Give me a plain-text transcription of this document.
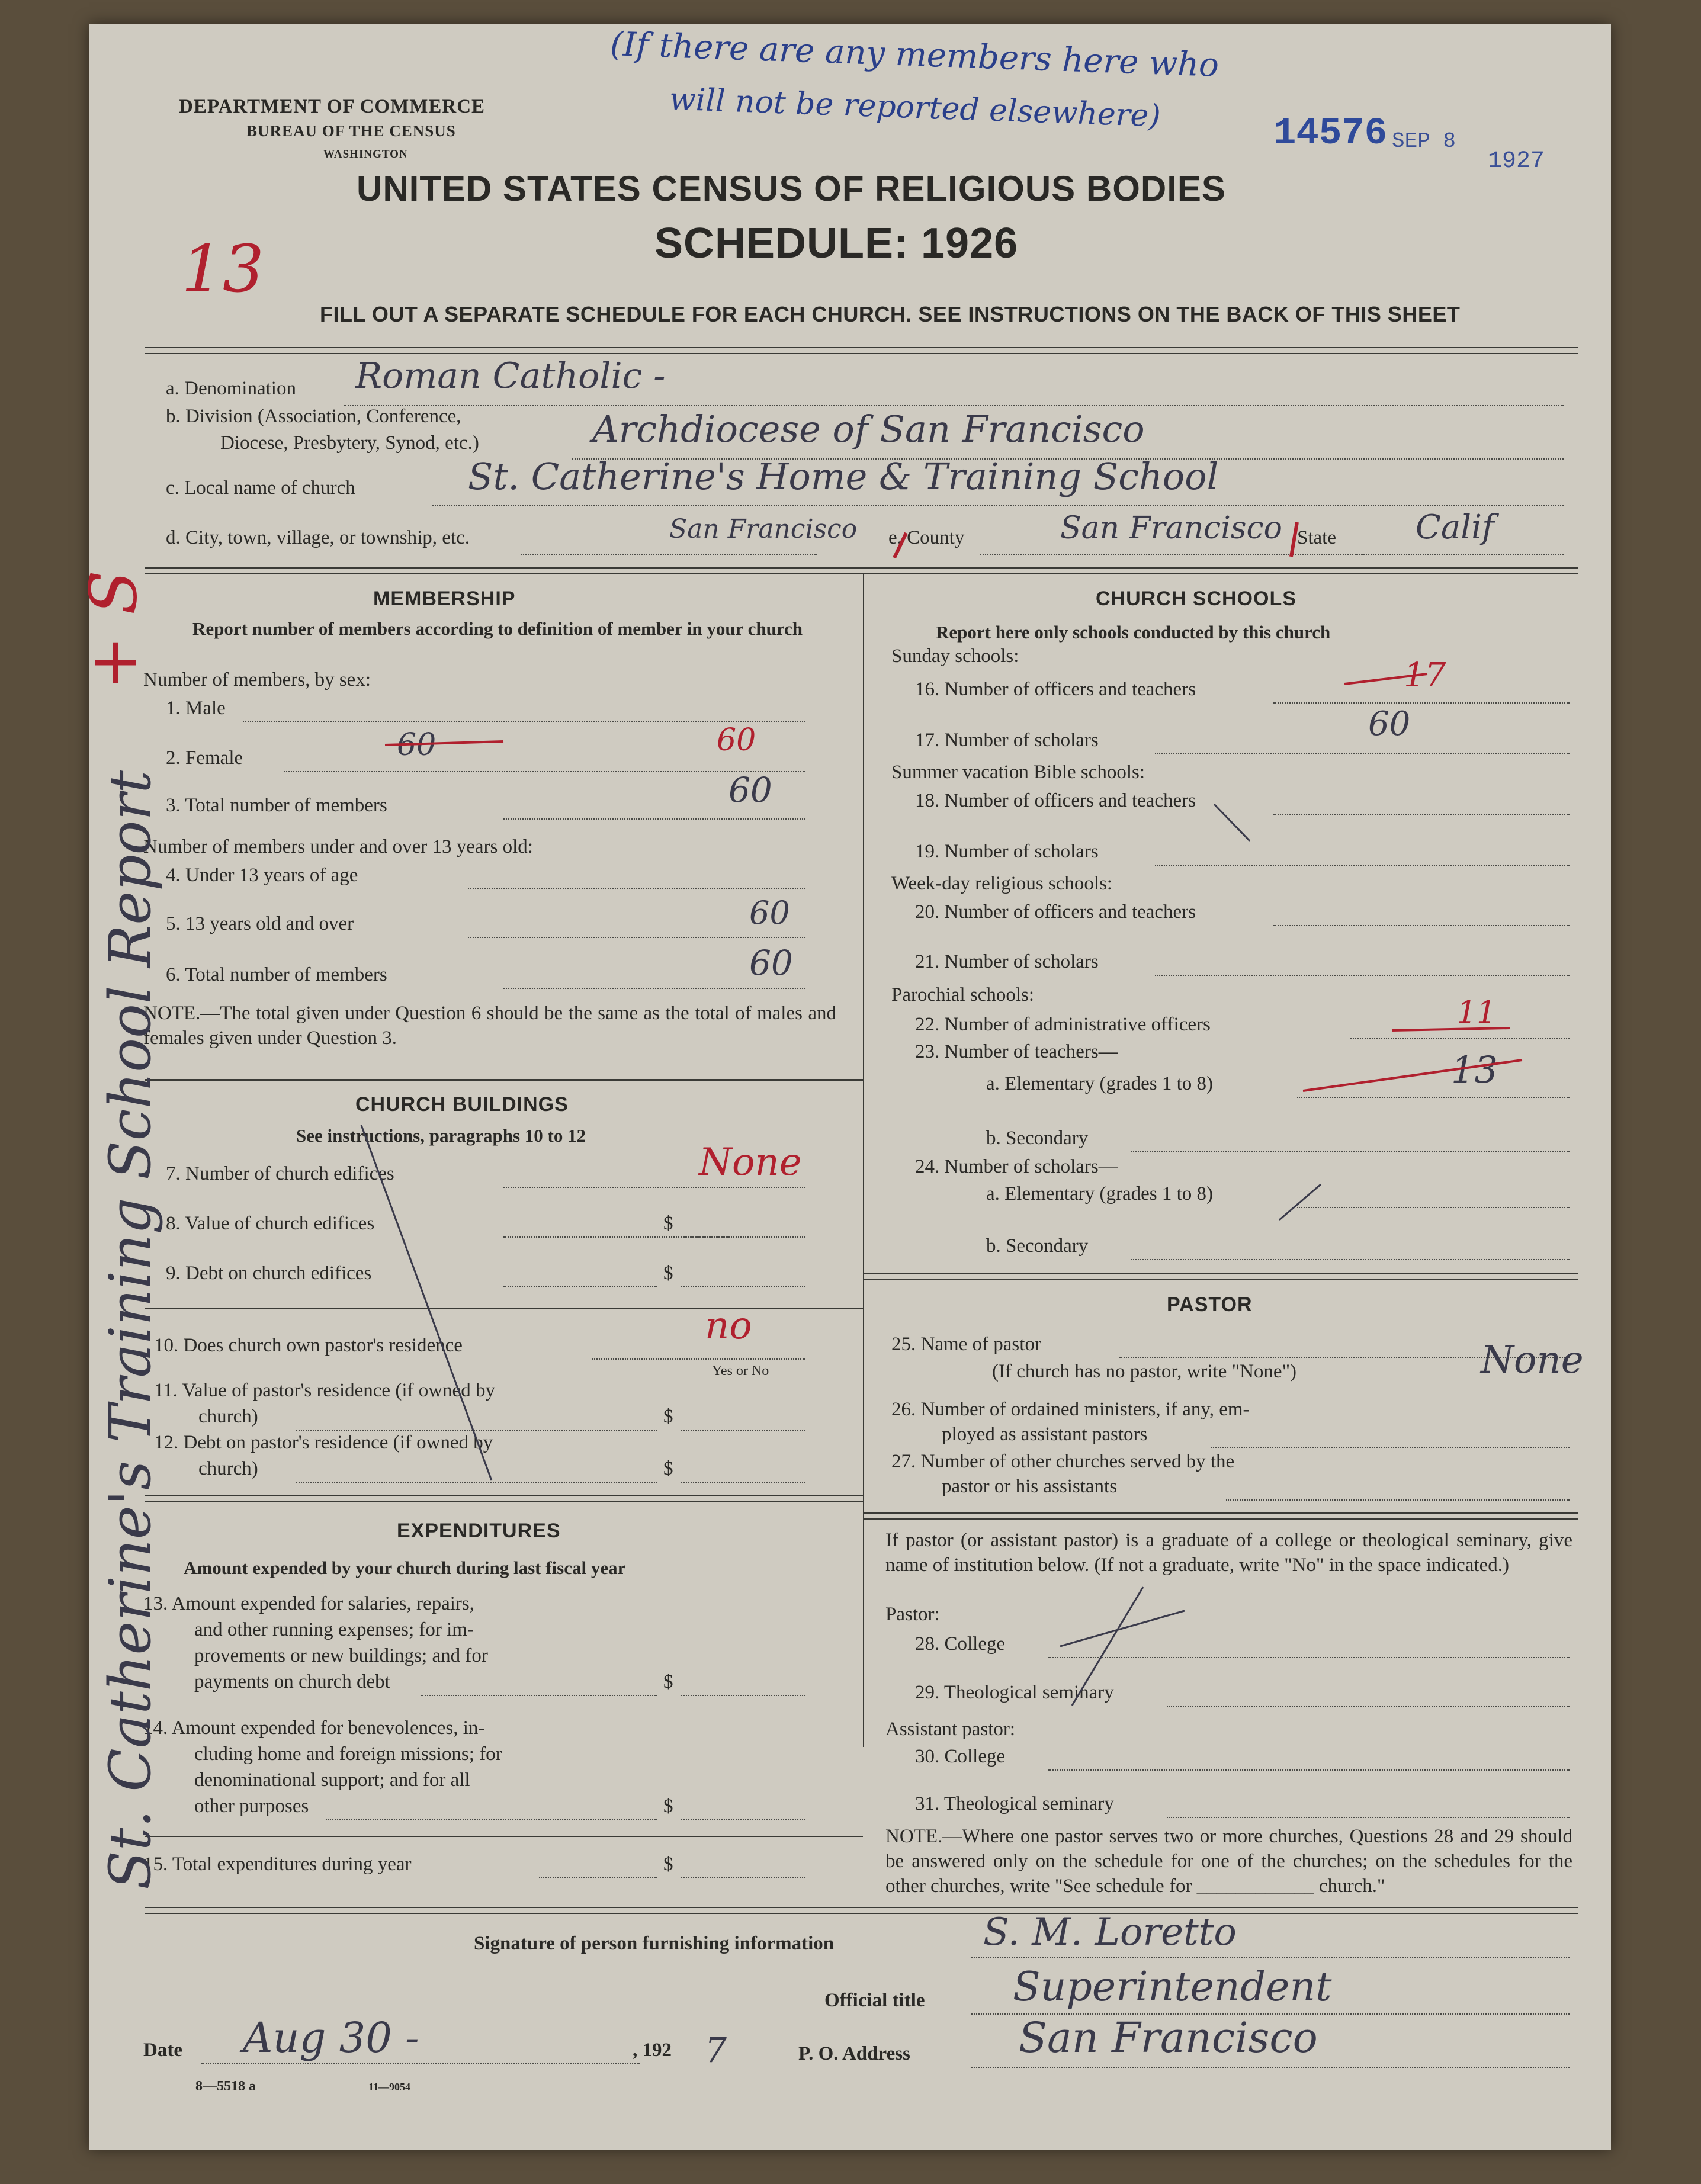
DEPARTMENT OF COMMERCE
BUREAU OF THE CENSUS
WASHINGTON
(If there are any members here who
will not be reported elsewhere)	14576 SEP 8
1927
UNITED STATES CENSUS OF RELIGIOUS BODIES
SCHEDULE: 1926
13
FILL OUT A SEPARATE SCHEDULE FOR EACH CHURCH. SEE INSTRUCTIONS ON THE BACK OF THIS SHEET
a. Denomination Roman Catholic -
b. Division (Association, Conference,
Diocese, Presbytery, Synod, etc.)	Archdiocese of San Francisco
c. Local name of church	St. Catherine's Home & Training School
d. City, town, village, or township, etc.	San Francisco e. County	San Francisco State Calif
MEMBERSHIP
Report number of members according to definition of member in your church
Number of members, by sex:
1. Male
2. Female	60	60
3. Total number of members	60
Number of members under and over 13 years old:
4. Under 13 years of age
5. 13 years old and over	60
6. Total number of members	60
NOTE.—The total given under Question 6 should be the same as the total of males and females given under Question 3.
CHURCH BUILDINGS
See instructions, paragraphs 10 to 12
7. Number of church edifices	None
8. Value of church edifices	$
9. Debt on church edifices	$
10. Does church own pastor's residence	no
Yes or No
11. Value of pastor's residence (if owned by
church)	$
12. Debt on pastor's residence (if owned by
church)	$
EXPENDITURES
Amount expended by your church during last fiscal year
13. Amount expended for salaries, repairs,
and other running expenses; for im-
provements or new buildings; and for
payments on church debt	$
14. Amount expended for benevolences, in-
cluding home and foreign missions; for
denominational support; and for all
other purposes	$
15. Total expenditures during year	$
CHURCH SCHOOLS
Report here only schools conducted by this church
Sunday schools:
16. Number of officers and teachers	17
17. Number of scholars	60
Summer vacation Bible schools:
18. Number of officers and teachers
19. Number of scholars
Week-day religious schools:
20. Number of officers and teachers
21. Number of scholars
Parochial schools:
22. Number of administrative officers	11
23. Number of teachers—
a. Elementary (grades 1 to 8)	13
b. Secondary
24. Number of scholars—
a. Elementary (grades 1 to 8)
b. Secondary
PASTOR
25. Name of pastor
(If church has no pastor, write "None")	None
26. Number of ordained ministers, if any, em-
ployed as assistant pastors
27. Number of other churches served by the
pastor or his assistants
If pastor (or assistant pastor) is a graduate of a college or theological seminary, give name of institution below. (If not a graduate, write "No" in the space indicated.)
Pastor:
28. College
29. Theological seminary
Assistant pastor:
30. College
31. Theological seminary
NOTE.—Where one pastor serves two or more churches, Questions 28 and 29 should be answered only on the schedule for one of the churches; on the schedules for the other churches, write "See schedule for ____________ church."
Signature of person furnishing information	S. M. Loretto
Official title Superintendent
Date Aug 30 -	, 192 7	P. O. Address	San Francisco
8—5518 a	11—9054
St. Catherine's Training School Report
+ S
